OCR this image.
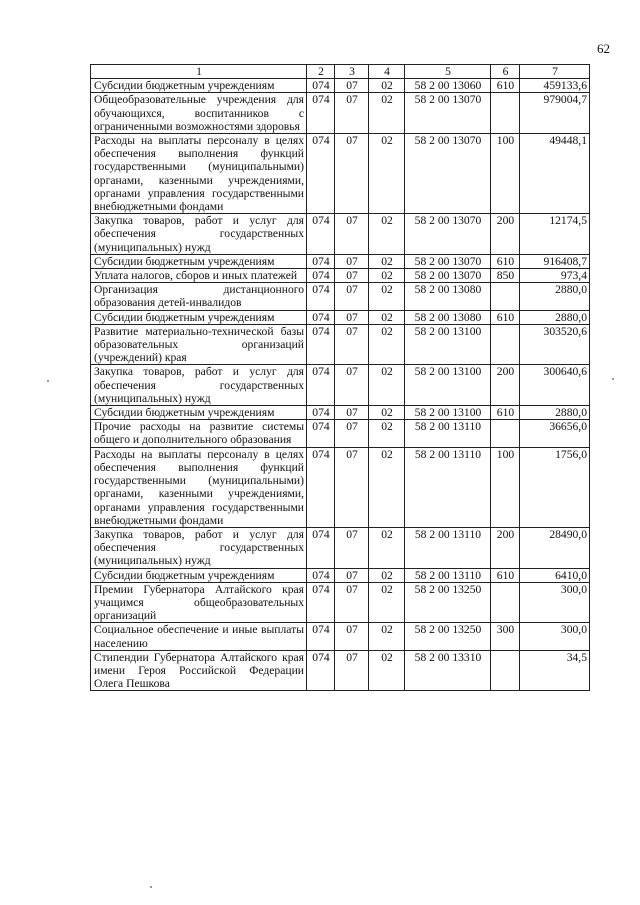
62
1	2	3	4	5	6	7
Субсидии бюджетным учреждениям	074	07	02	58 2 00 13060	610	459133,6
Общеобразовательные учреждения для обучающихся, воспитанников с ограниченными возможностями здоровья	074	07	02	58 2 00 13070		979004,7
Расходы на выплаты персоналу в целях обеспечения выполнения функций государственными (муниципальными) органами, казенными учреждениями, органами управления государственными внебюджетными фондами	074	07	02	58 2 00 13070	100	49448,1
Закупка товаров, работ и услуг для обеспечения государственных (муниципальных) нужд	074	07	02	58 2 00 13070	200	12174,5
Субсидии бюджетным учреждениям	074	07	02	58 2 00 13070	610	916408,7
Уплата налогов, сборов и иных платежей	074	07	02	58 2 00 13070	850	973,4
Организация дистанционного образования детей-инвалидов	074	07	02	58 2 00 13080		2880,0
Субсидии бюджетным учреждениям	074	07	02	58 2 00 13080	610	2880,0
Развитие материально-технической базы образовательных организаций (учреждений) края	074	07	02	58 2 00 13100		303520,6
Закупка товаров, работ и услуг для обеспечения государственных (муниципальных) нужд	074	07	02	58 2 00 13100	200	300640,6
Субсидии бюджетным учреждениям	074	07	02	58 2 00 13100	610	2880,0
Прочие расходы на развитие системы общего и дополнительного образования	074	07	02	58 2 00 13110		36656,0
Расходы на выплаты персоналу в целях обеспечения выполнения функций государственными (муниципальными) органами, казенными учреждениями, органами управления государственными внебюджетными фондами	074	07	02	58 2 00 13110	100	1756,0
Закупка товаров, работ и услуг для обеспечения государственных (муниципальных) нужд	074	07	02	58 2 00 13110	200	28490,0
Субсидии бюджетным учреждениям	074	07	02	58 2 00 13110	610	6410,0
Премии Губернатора Алтайского края учащимся общеобразовательных организаций	074	07	02	58 2 00 13250		300,0
Социальное обеспечение и иные выплаты населению	074	07	02	58 2 00 13250	300	300,0
Стипендии Губернатора Алтайского края имени Героя Российской Федерации Олега Пешкова	074	07	02	58 2 00 13310		34,5
